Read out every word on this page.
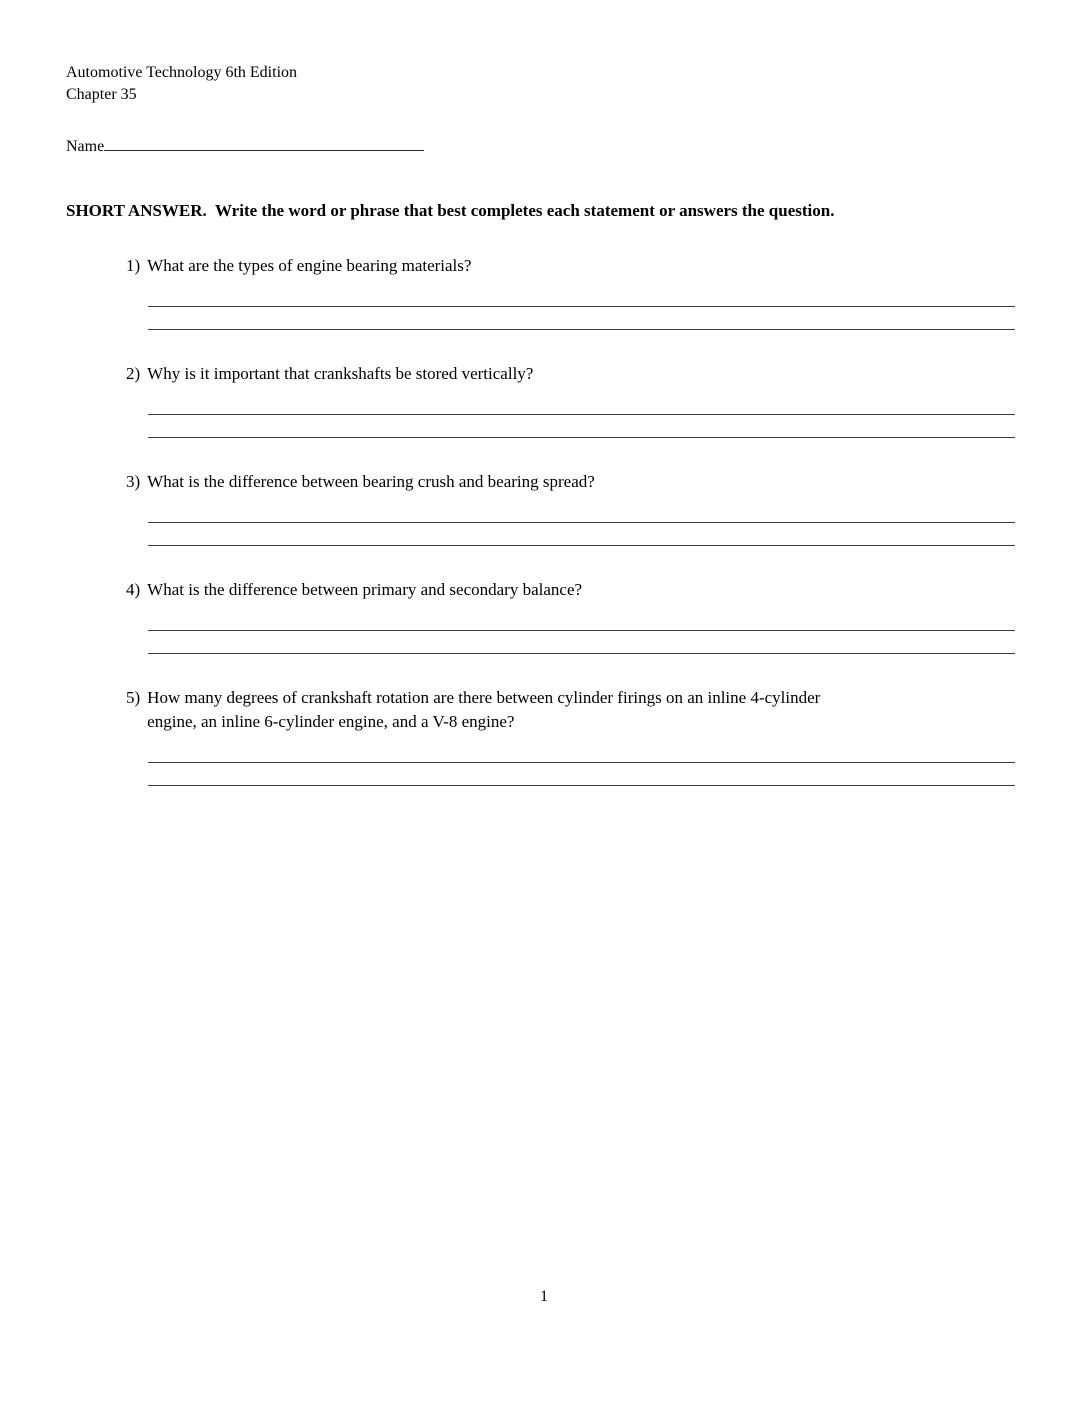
Automotive Technology 6th Edition
Chapter 35
Name
SHORT ANSWER.  Write the word or phrase that best completes each statement or answers the question.
1) What are the types of engine bearing materials?
2) Why is it important that crankshafts be stored vertically?
3) What is the difference between bearing crush and bearing spread?
4) What is the difference between primary and secondary balance?
5) How many degrees of crankshaft rotation are there between cylinder firings on an inline 4-cylinder engine, an inline 6-cylinder engine, and a V-8 engine?
1
